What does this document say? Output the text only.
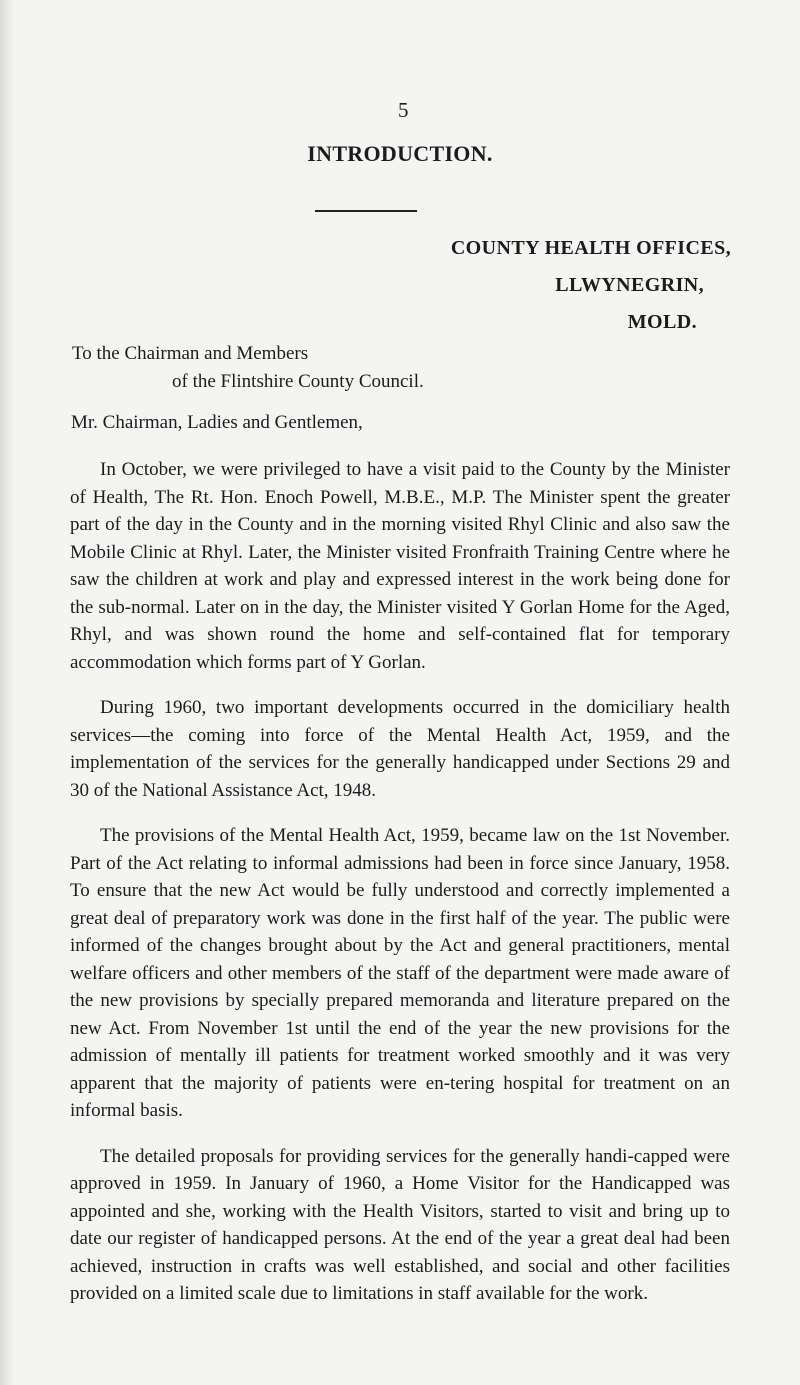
5
INTRODUCTION.
COUNTY HEALTH OFFICES,
LLWYNEGRIN,
MOLD.
To the Chairman and Members
of the Flintshire County Council.
Mr. Chairman, Ladies and Gentlemen,

In October, we were privileged to have a visit paid to the County by the Minister of Health, The Rt. Hon. Enoch Powell, M.B.E., M.P. The Minister spent the greater part of the day in the County and in the morning visited Rhyl Clinic and also saw the Mobile Clinic at Rhyl. Later, the Minister visited Fronfraith Training Centre where he saw the children at work and play and expressed interest in the work being done for the sub-normal. Later on in the day, the Minister visited Y Gorlan Home for the Aged, Rhyl, and was shown round the home and self-contained flat for temporary accommodation which forms part of Y Gorlan.

During 1960, two important developments occurred in the domiciliary health services—the coming into force of the Mental Health Act, 1959, and the implementation of the services for the generally handicapped under Sections 29 and 30 of the National Assistance Act, 1948.

The provisions of the Mental Health Act, 1959, became law on the 1st November. Part of the Act relating to informal admissions had been in force since January, 1958. To ensure that the new Act would be fully understood and correctly implemented a great deal of preparatory work was done in the first half of the year. The public were informed of the changes brought about by the Act and general practitioners, mental welfare officers and other members of the staff of the department were made aware of the new provisions by specially prepared memoranda and literature prepared on the new Act. From November 1st until the end of the year the new provisions for the admission of mentally ill patients for treatment worked smoothly and it was very apparent that the majority of patients were en-tering hospital for treatment on an informal basis.

The detailed proposals for providing services for the generally handi-capped were approved in 1959. In January of 1960, a Home Visitor for the Handicapped was appointed and she, working with the Health Visitors, started to visit and bring up to date our register of handicapped persons. At the end of the year a great deal had been achieved, instruction in crafts was well established, and social and other facilities provided on a limited scale due to limitations in staff available for the work.
